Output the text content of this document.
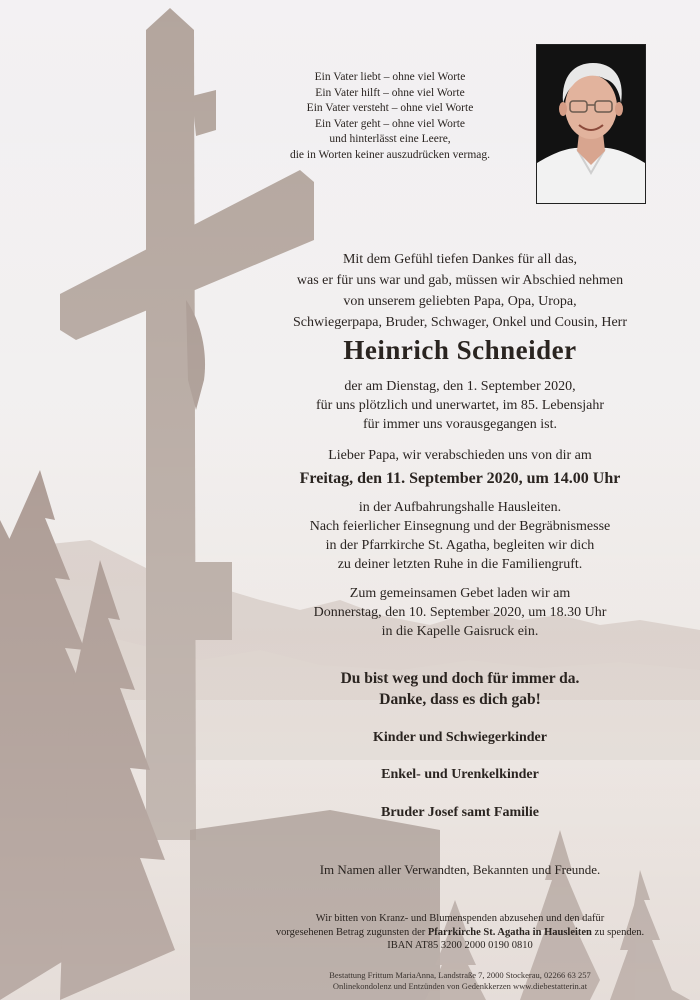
Ein Vater liebt – ohne viel Worte
Ein Vater hilft – ohne viel Worte
Ein Vater versteht – ohne viel Worte
Ein Vater geht – ohne viel Worte
und hinterlässt eine Leere,
die in Worten keiner auszudrücken vermag.
Mit dem Gefühl tiefen Dankes für all das,
was er für uns war und gab, müssen wir Abschied nehmen
von unserem geliebten Papa, Opa, Uropa,
Schwiegerpapa, Bruder, Schwager, Onkel und Cousin, Herr
Heinrich Schneider
der am Dienstag, den 1. September 2020,
für uns plötzlich und unerwartet, im 85. Lebensjahr
für immer uns vorausgegangen ist.
Lieber Papa, wir verabschieden uns von dir am
Freitag, den 11. September 2020, um 14.00 Uhr
in der Aufbahrungshalle Hausleiten.
Nach feierlicher Einsegnung und der Begräbnismesse
in der Pfarrkirche St. Agatha, begleiten wir dich
zu deiner letzten Ruhe in die Familiengruft.
Zum gemeinsamen Gebet laden wir am
Donnerstag, den 10. September 2020, um 18.30 Uhr
in die Kapelle Gaisruck ein.
Du bist weg und doch für immer da.
Danke, dass es dich gab!
Kinder und Schwiegerkinder
Enkel- und Urenkelkinder
Bruder Josef samt Familie
Im Namen aller Verwandten, Bekannten und Freunde.
Wir bitten von Kranz- und Blumenspenden abzusehen und den dafür
vorgesehenen Betrag zugunsten der Pfarrkirche St. Agatha in Hausleiten zu spenden.
IBAN AT85 3200 2000 0190 0810
Bestattung Frittum MariaAnna, Landstraße 7, 2000 Stockerau, 02266 63 257
Onlinekondolenz und Entzünden von Gedenkkerzen www.diebestatterin.at
